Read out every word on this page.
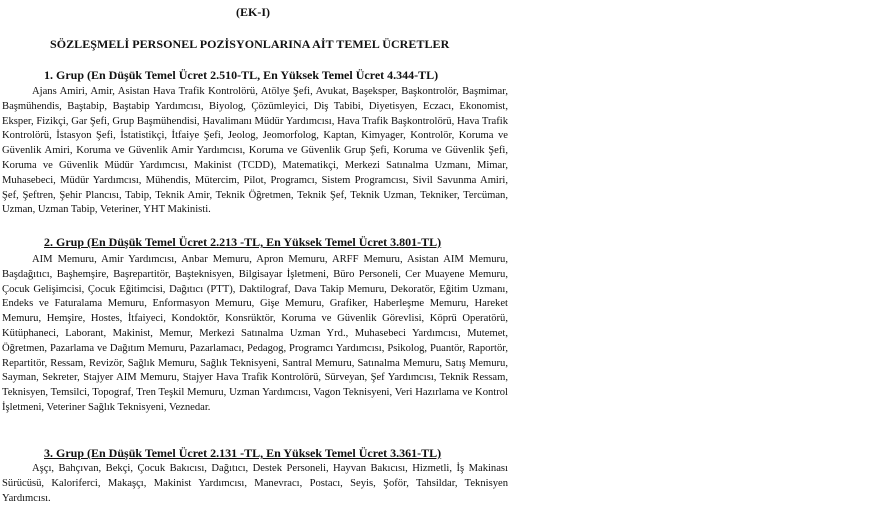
(EK-I)
SÖZLEŞMELİ PERSONEL POZİSYONLARINA AİT TEMEL ÜCRETLER
1. Grup (En Düşük Temel Ücret 2.510-TL, En Yüksek Temel Ücret 4.344-TL)

Ajans Amiri, Amir, Asistan Hava Trafik Kontrolörü, Atölye Şefi, Avukat, Başeksper, Başkontrolör, Başmimar, Başmühendis, Baştabip, Baştabip Yardımcısı, Biyolog, Çözümleyici, Diş Tabibi, Diyetisyen, Eczacı, Ekonomist, Eksper, Fizikçi, Gar Şefi, Grup Başmühendisi, Havalimanı Müdür Yardımcısı, Hava Trafik Başkontrolörü, Hava Trafik Kontrolörü, İstasyon Şefi, İstatistikçi, İtfaiye Şefi, Jeolog, Jeomorfolog, Kaptan, Kimyager, Kontrolör, Koruma ve Güvenlik Amiri, Koruma ve Güvenlik Amir Yardımcısı, Koruma ve Güvenlik Grup Şefi, Koruma ve Güvenlik Şefi, Koruma ve Güvenlik Müdür Yardımcısı, Makinist (TCDD), Matematikçi, Merkezi Satınalma Uzmanı, Mimar, Muhasebeci, Müdür Yardımcısı, Mühendis, Mütercim, Pilot, Programcı, Sistem Programcısı, Sivil Savunma Amiri, Şef, Şeftren, Şehir Plancısı, Tabip, Teknik Amir, Teknik Öğretmen, Teknik Şef, Teknik Uzman, Tekniker, Tercüman, Uzman, Uzman Tabip, Veteriner, YHT Makinisti.

2. Grup (En Düşük Temel Ücret 2.213 -TL, En Yüksek Temel Ücret 3.801-TL)

AIM Memuru, Amir Yardımcısı, Anbar Memuru, Apron Memuru, ARFF Memuru, Asistan AIM Memuru, Başdağıtıcı, Başhemşire, Başrepartitör, Başteknisyen, Bilgisayar İşletmeni, Büro Personeli, Cer Muayene Memuru, Çocuk Gelişimcisi, Çocuk Eğitimcisi, Dağıtıcı (PTT), Daktilograf, Dava Takip Memuru, Dekoratör, Eğitim Uzmanı, Endeks ve Faturalama Memuru, Enformasyon Memuru, Gişe Memuru, Grafiker, Haberleşme Memuru, Hareket Memuru, Hemşire, Hostes, İtfaiyeci, Kondoktör, Konsrüktör, Koruma ve Güvenlik Görevlisi, Köprü Operatörü, Kütüphaneci, Laborant, Makinist, Memur, Merkezi Satınalma Uzman Yrd., Muhasebeci Yardımcısı, Mutemet, Öğretmen, Pazarlama ve Dağıtım Memuru, Pazarlamacı, Pedagog, Programcı Yardımcısı, Psikolog, Puantör, Raportör, Repartitör, Ressam, Revizör, Sağlık Memuru, Sağlık Teknisyeni, Santral Memuru, Satınalma Memuru, Satış Memuru, Sayman, Sekreter, Stajyer AIM Memuru, Stajyer Hava Trafik Kontrolörü, Sürveyan, Şef Yardımcısı, Teknik Ressam, Teknisyen, Temsilci, Topograf, Tren Teşkil Memuru, Uzman Yardımcısı, Vagon Teknisyeni, Veri Hazırlama ve Kontrol İşletmeni, Veteriner Sağlık Teknisyeni, Veznedar.

3. Grup (En Düşük Temel Ücret 2.131 -TL, En Yüksek Temel Ücret 3.361-TL)

Aşçı, Bahçıvan, Bekçi, Çocuk Bakıcısı, Dağıtıcı, Destek Personeli, Hayvan Bakıcısı, Hizmetli, İş Makinası Sürücüsü, Kaloriferci, Makaşçı, Makinist Yardımcısı, Manevracı, Postacı, Seyis, Şoför, Tahsildar, Teknisyen Yardımcısı.
